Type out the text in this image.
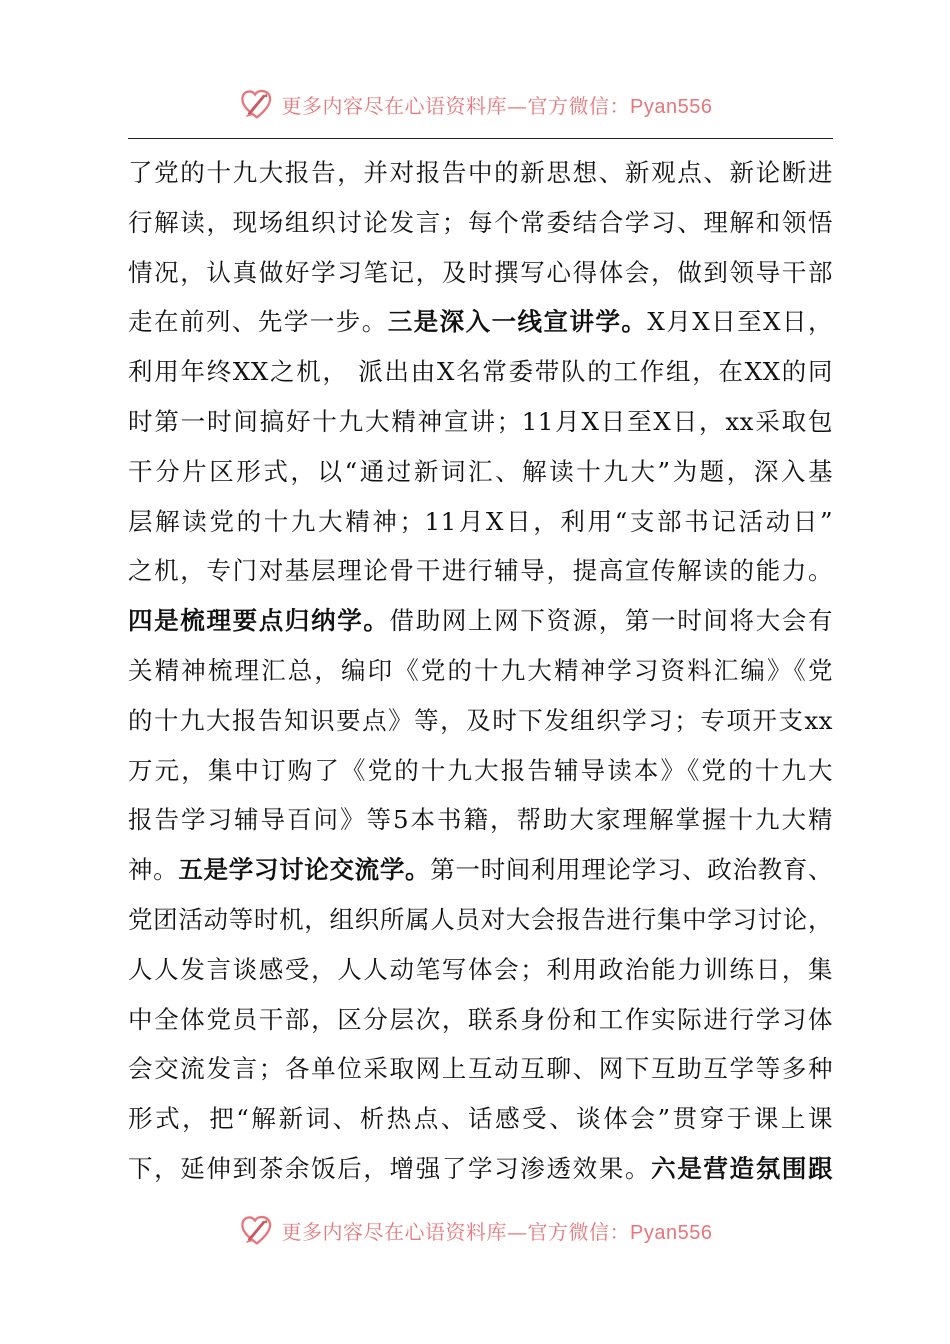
更多内容尽在心语资料库—官方微信：Pyan556
了党的十九大报告，并对报告中的新思想、新观点、新论断进
行解读，现场组织讨论发言；每个常委结合学习、理解和领悟
情况，认真做好学习笔记，及时撰写心得体会，做到领导干部
走在前列、先学一步。三是深入一线宣讲学。X月X日至X日，
利用年终XX之机， 派出由X名常委带队的工作组，在XX的同
时第一时间搞好十九大精神宣讲；11月X日至X日，xx采取包
干分片区形式，以“通过新词汇、解读十九大”为题，深入基
层解读党的十九大精神；11月X日，利用“支部书记活动日”
之机，专门对基层理论骨干进行辅导，提高宣传解读的能力。
四是梳理要点归纳学。借助网上网下资源，第一时间将大会有
关精神梳理汇总，编印《党的十九大精神学习资料汇编》《党
的十九大报告知识要点》等，及时下发组织学习；专项开支xx
万元，集中订购了《党的十九大报告辅导读本》《党的十九大
报告学习辅导百问》等5本书籍，帮助大家理解掌握十九大精
神。五是学习讨论交流学。第一时间利用理论学习、政治教育、
党团活动等时机，组织所属人员对大会报告进行集中学习讨论，
人人发言谈感受，人人动笔写体会；利用政治能力训练日，集
中全体党员干部，区分层次，联系身份和工作实际进行学习体
会交流发言；各单位采取网上互动互聊、网下互助互学等多种
形式，把“解新词、析热点、话感受、谈体会”贯穿于课上课
下，延伸到茶余饭后，增强了学习渗透效果。六是营造氛围跟
更多内容尽在心语资料库—官方微信：Pyan556
